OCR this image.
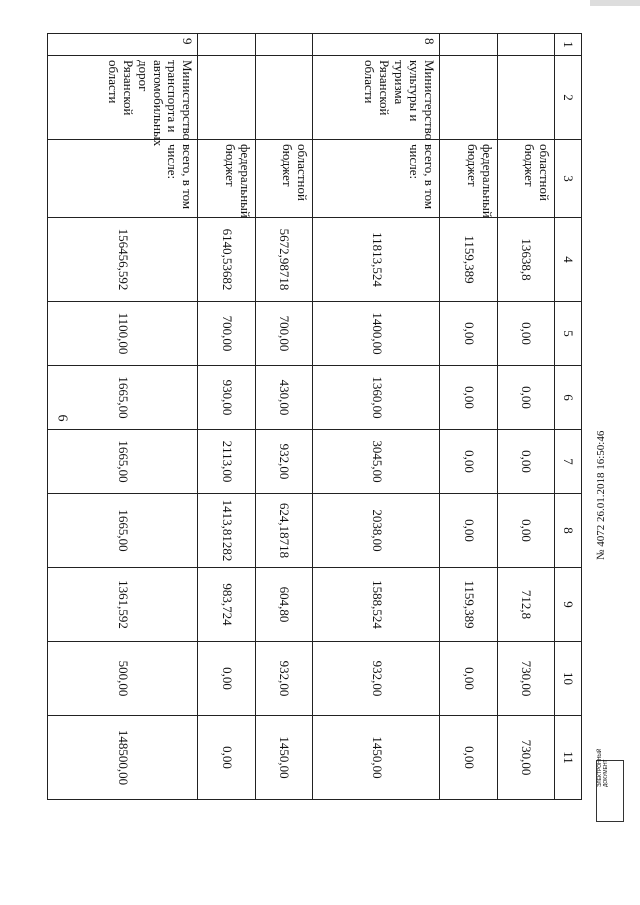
6
1	2	3	4	5	6	7	8	9	10	11
		областной бюджет	13638,8	0,00	0,00	0,00	0,00	712,8	730,00	730,00
		федеральный бюджет	1159,389	0,00	0,00	0,00	0,00	1159,389	0,00	0,00
8	Министерство культуры и туризма Рязанской области	всего, в том числе:	11813,524	1400,00	1360,00	3045,00	2038,00	1588,524	932,00	1450,00
		областной бюджет	5672,98718	700,00	430,00	932,00	624,18718	604,80	932,00	1450,00
		федеральный бюджет	6140,53682	700,00	930,00	2113,00	1413,81282	983,724	0,00	0,00
9	Министерство транспорта и автомобильных дорог Рязанской области	всего, в том числе:	156456,592	1100,00	1665,00	1665,00	1665,00	1361,592	500,00	148500,00
№ 4072 26.01.2018 16:50:46
ЭЛЕКТРОННЫЙ ДОКУМЕНТ
